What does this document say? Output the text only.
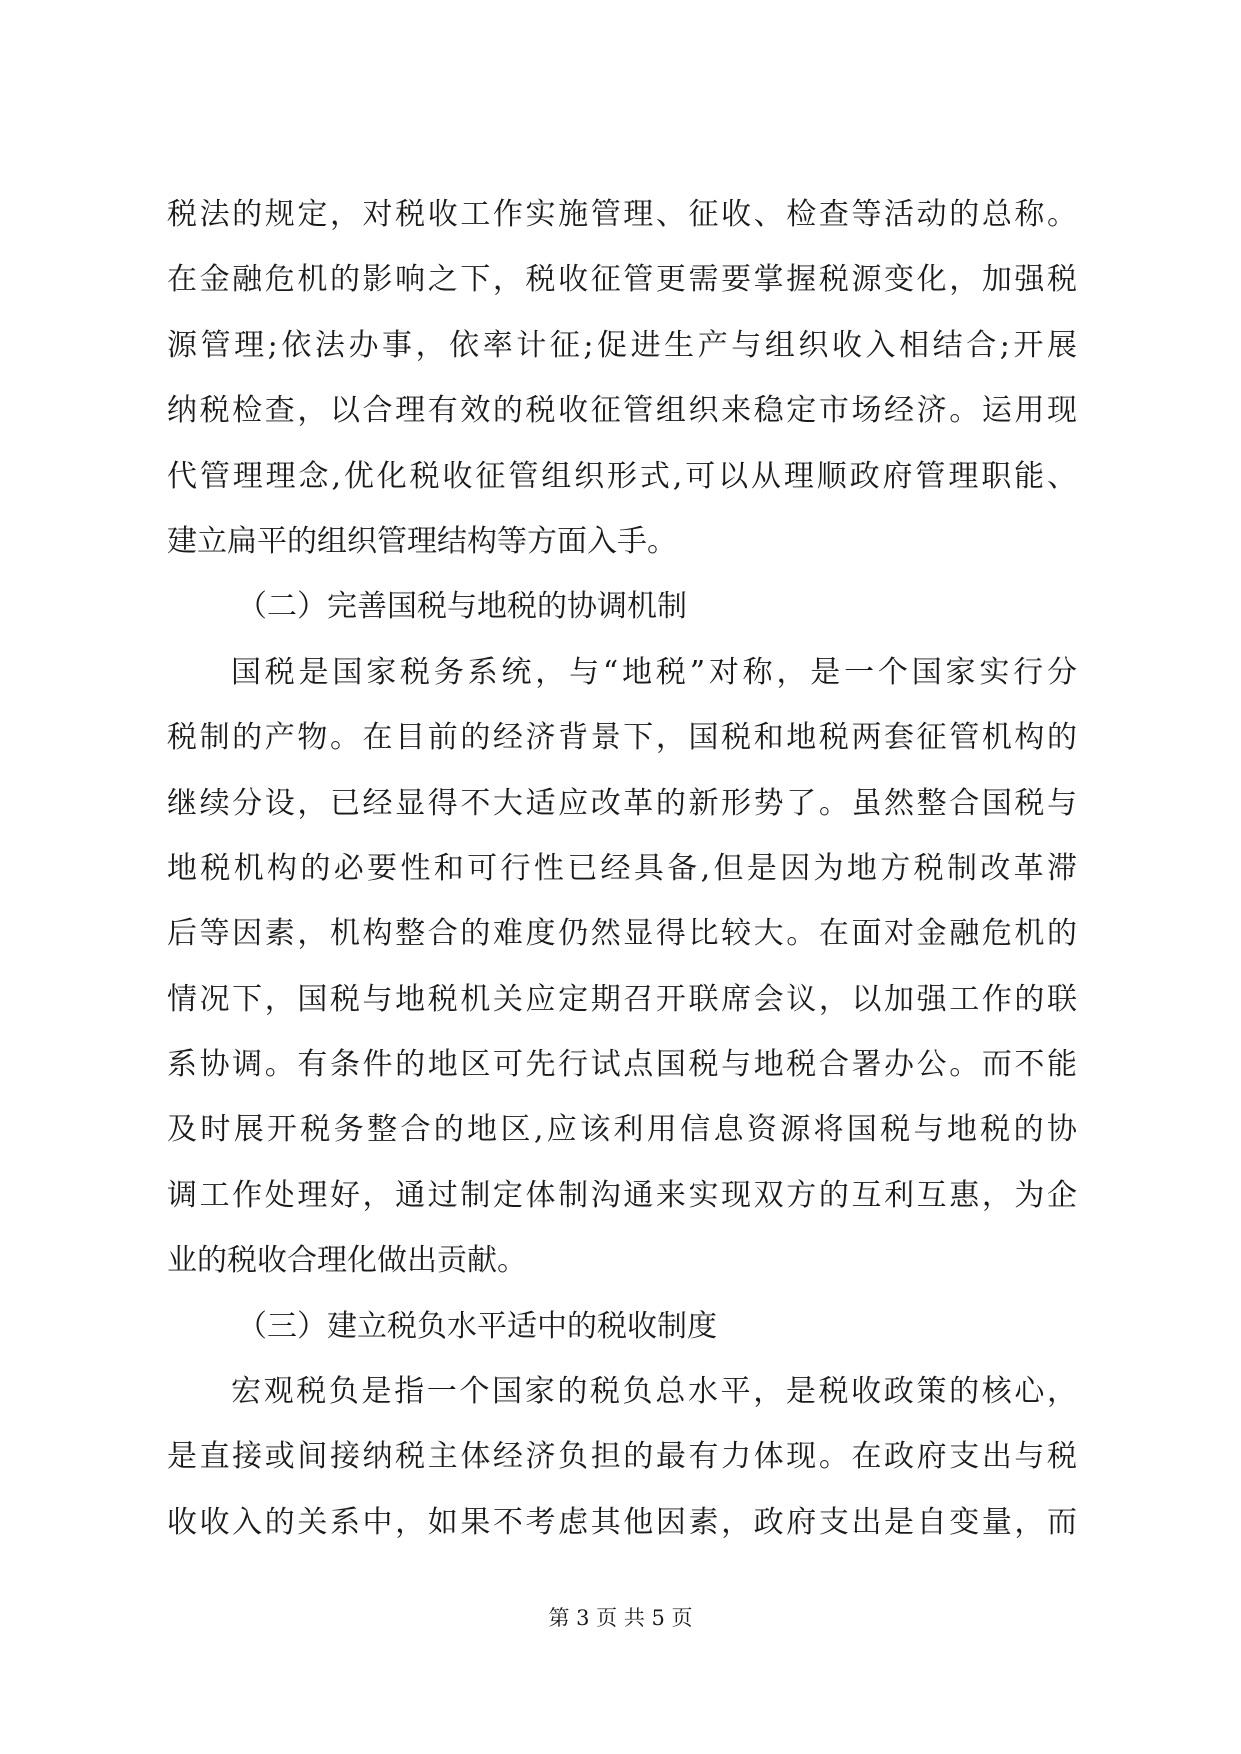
税法的规定，对税收工作实施管理、征收、检查等活动的总称。
在金融危机的影响之下，税收征管更需要掌握税源变化，加强税
源管理;依法办事，依率计征;促进生产与组织收入相结合;开展
纳税检查，以合理有效的税收征管组织来稳定市场经济。运用现
代管理理念,优化税收征管组织形式,可以从理顺政府管理职能、
建立扁平的组织管理结构等方面入手。
（二）完善国税与地税的协调机制
国税是国家税务系统，与“地税”对称，是一个国家实行分
税制的产物。在目前的经济背景下，国税和地税两套征管机构的
继续分设，已经显得不大适应改革的新形势了。虽然整合国税与
地税机构的必要性和可行性已经具备,但是因为地方税制改革滞
后等因素，机构整合的难度仍然显得比较大。在面对金融危机的
情况下，国税与地税机关应定期召开联席会议，以加强工作的联
系协调。有条件的地区可先行试点国税与地税合署办公。而不能
及时展开税务整合的地区,应该利用信息资源将国税与地税的协
调工作处理好，通过制定体制沟通来实现双方的互利互惠，为企
业的税收合理化做出贡献。
（三）建立税负水平适中的税收制度
宏观税负是指一个国家的税负总水平，是税收政策的核心，
是直接或间接纳税主体经济负担的最有力体现。在政府支出与税
收收入的关系中，如果不考虑其他因素，政府支出是自变量，而
第 3 页 共 5 页
